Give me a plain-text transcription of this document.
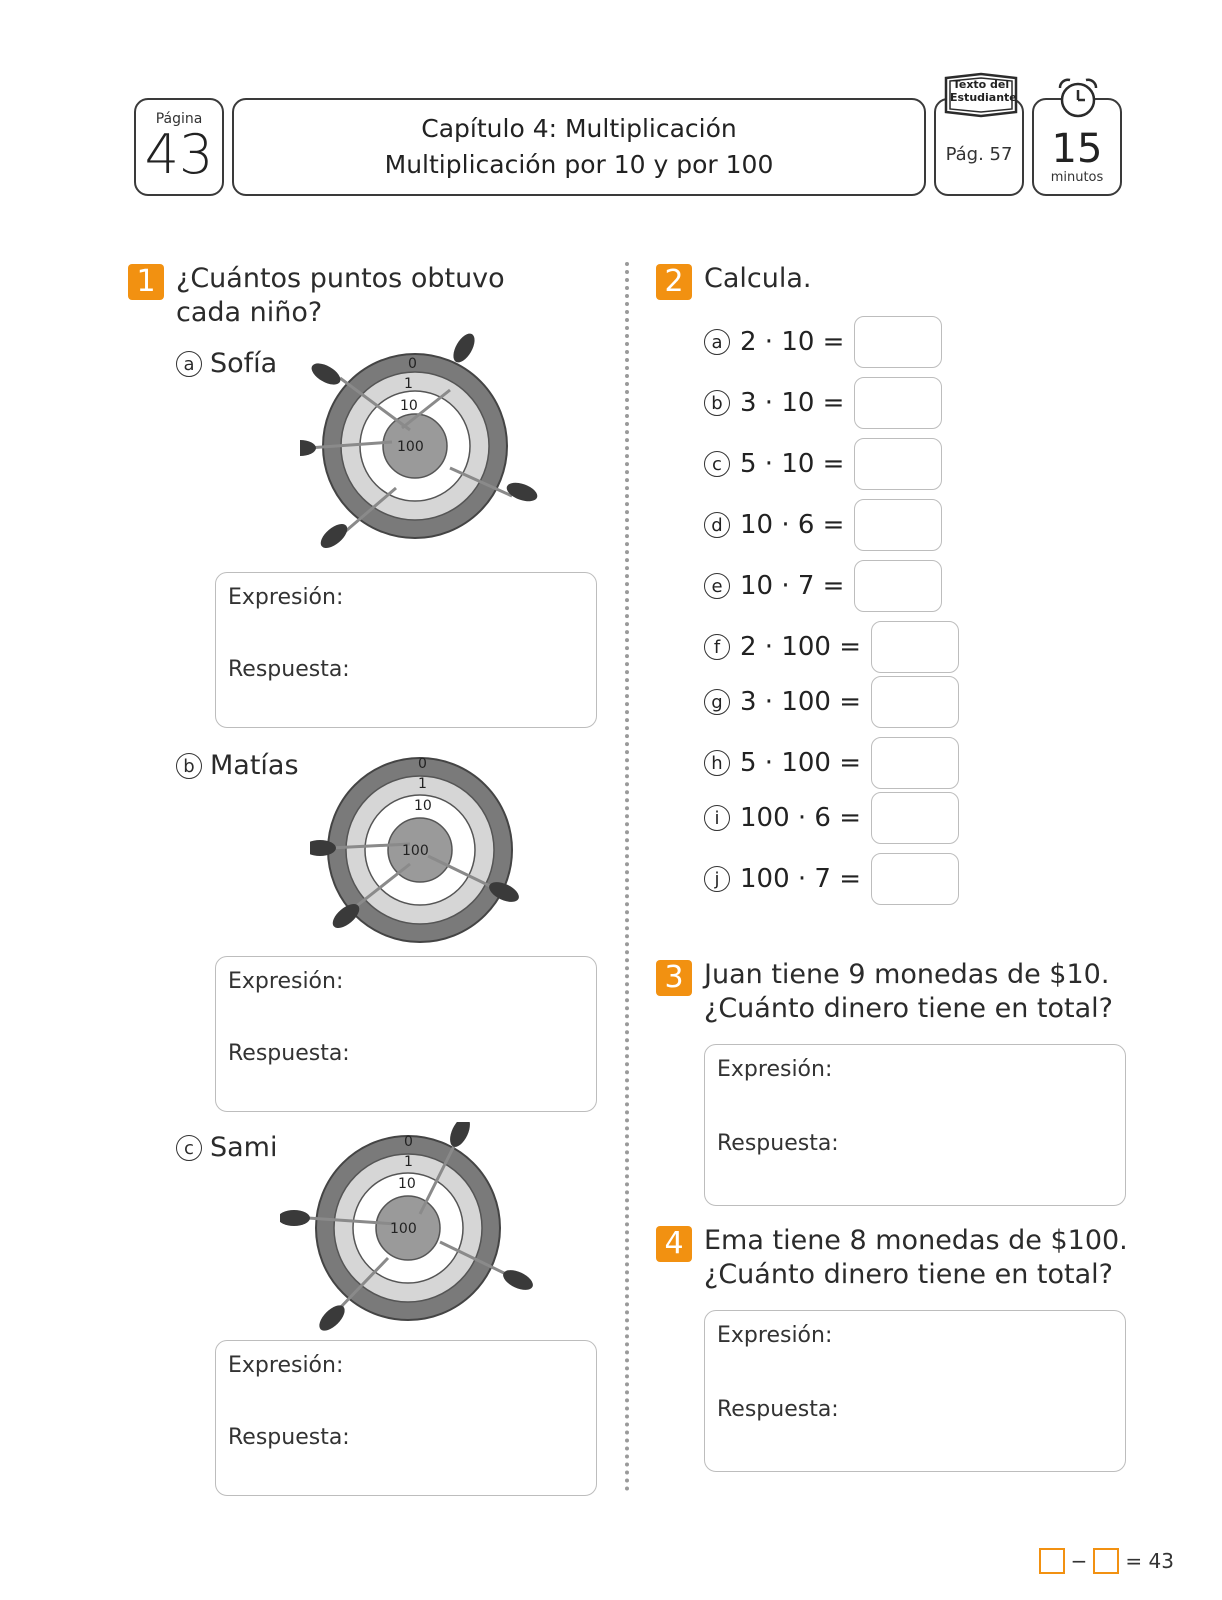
Página
43	Capítulo 4: Multiplicación
Multiplicación por 10 y por 100	Pág. 57
Texto del Estudiante
15
minutos
1 ¿Cuántos puntos obtuvo
cada niño?
a Sofía	0
1
10
100
Expresión:
Respuesta:
b Matías	0
1
10
100
Expresión:
Respuesta:
c Sami	0
1
10
100
Expresión:
Respuesta:
2 Calcula.
a 2 · 10 =
b 3 · 10 =
c 5 · 10 =
d 10 · 6 =
e 10 · 7 =
f 2 · 100 =
g 3 · 100 =
h 5 · 100 =
i 100 · 6 =
j 100 · 7 =
3 Juan tiene 9 monedas de $10.
¿Cuánto dinero tiene en total?
Expresión:
Respuesta:
4 Ema tiene 8 monedas de $100.
¿Cuánto dinero tiene en total?
Expresión:
Respuesta:
− = 43
